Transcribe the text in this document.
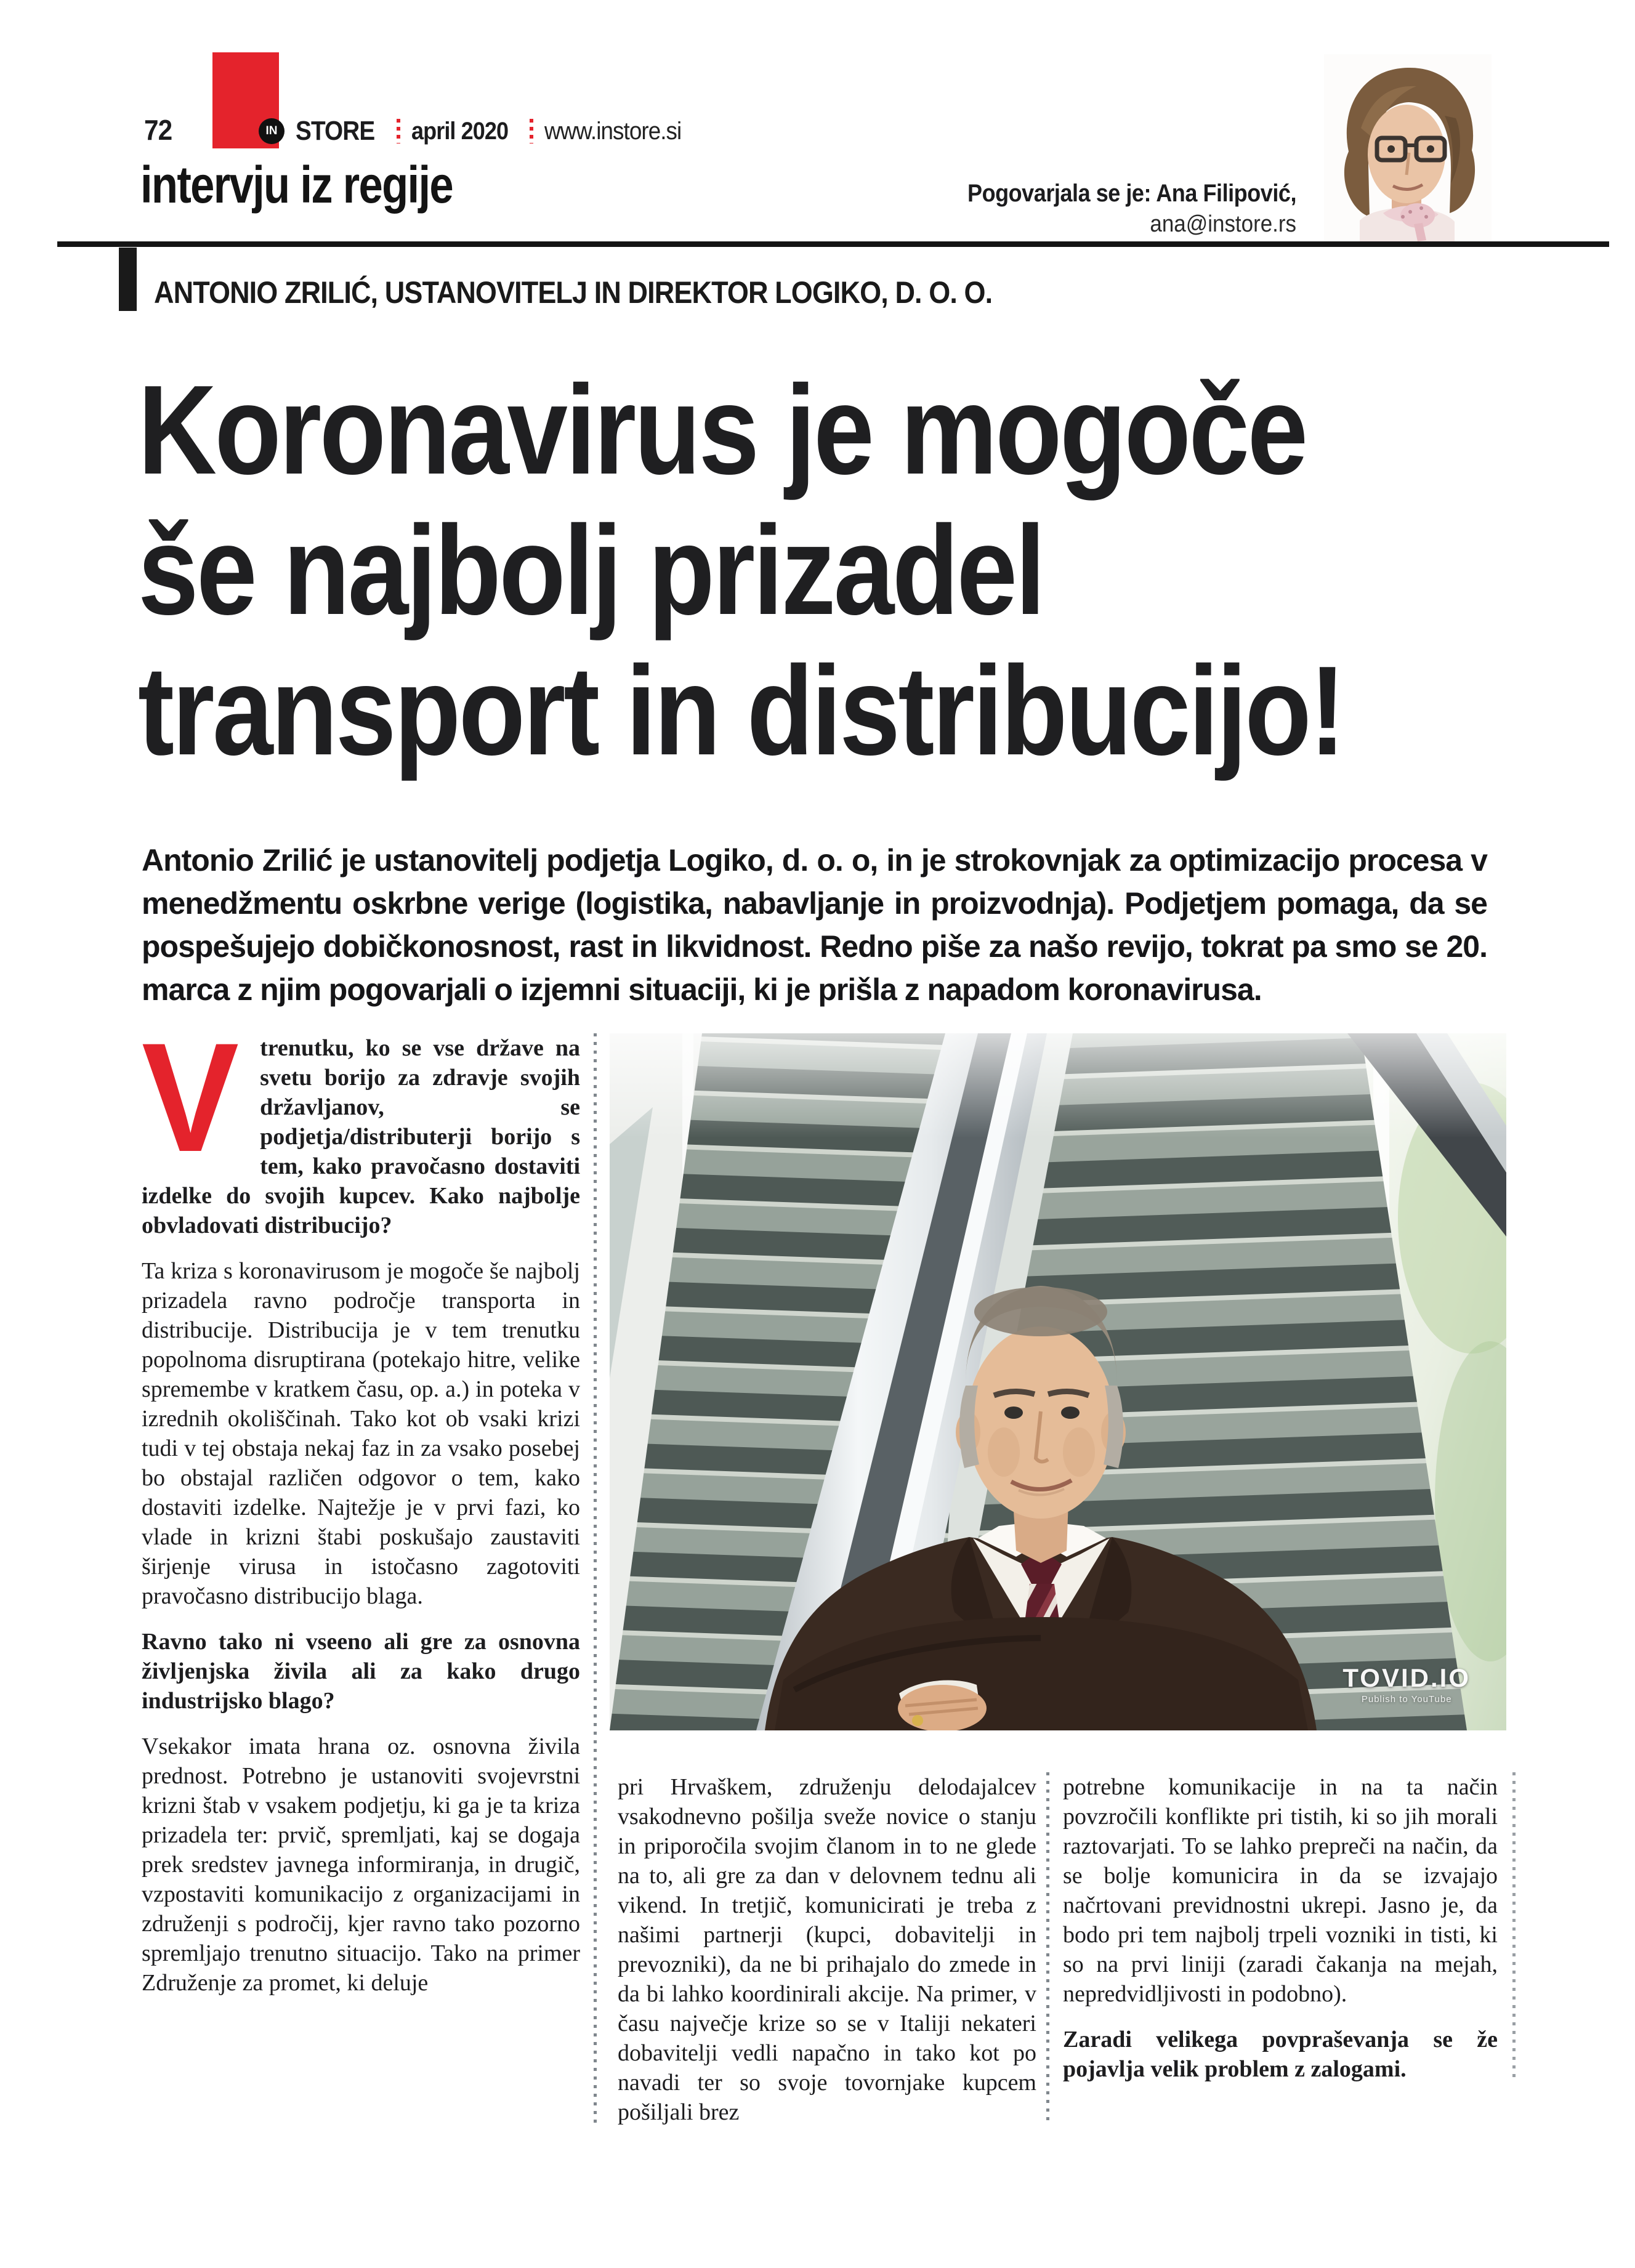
72	IN STORE april 2020 www.instore.si
intervju iz regije	Pogovarjala se je: Ana Filipović,
ana@instore.rs
ANTONIO ZRILIĆ, USTANOVITELJ IN DIREKTOR LOGIKO, D. O. O.
Koronavirus je mogoče
še najbolj prizadel
transport in distribucijo!

Antonio Zrilić je ustanovitelj podjetja Logiko, d. o. o, in je strokovnjak za optimizacijo procesa v menedžmentu oskrbne verige (logistika, nabavljanje in proizvodnja). Podjetjem pomaga, da se pospešujejo dobičkonosnost, rast in likvidnost. Redno piše za našo revijo, tokrat pa smo se 20. marca z njim pogovarjali o izjemni situaciji, ki je prišla z napadom koronavirusa.

Vtrenutku, ko se vse države na svetu borijo za zdravje svojih državljanov, se podjetja/distributerji borijo s tem, kako pravočasno dostaviti izdelke do svojih kupcev. Kako najbolje obvladovati distribucijo?

Ta kriza s koronavirusom je mogoče še najbolj prizadela ravno področje transporta in distribucije. Distribucija je v tem trenutku popolnoma disruptirana (potekajo hitre, velike spremembe v kratkem času, op. a.) in poteka v izrednih okoliščinah. Tako kot ob vsaki krizi tudi v tej obstaja nekaj faz in za vsako posebej bo obstajal različen odgovor o tem, kako dostaviti izdelke. Najtežje je v prvi fazi, ko vlade in krizni štabi poskušajo zaustaviti širjenje virusa in istočasno zagotoviti pravočasno distribucijo blaga.

Ravno tako ni vseeno ali gre za osnovna življenjska živila ali za kako drugo industrijsko blago?

Vsekakor imata hrana oz. osnovna živila prednost. Potrebno je ustanoviti svojevrstni krizni štab v vsakem podjetju, ki ga je ta kriza prizadela ter: prvič, spremljati, kaj se dogaja prek sredstev javnega informiranja, in drugič, vzpostaviti komunikacijo z organizacijami in združenji s področij, kjer ravno tako pozorno spremljajo trenutno situacijo. Tako na primer Združenje za promet, ki deluje

pri Hrvaškem, združenju delodajalcev vsakodnevno pošilja sveže novice o stanju in priporočila svojim članom in to ne glede na to, ali gre za dan v delovnem tednu ali vikend. In tretjič, komunicirati je treba z našimi partnerji (kupci, dobavitelji in prevozniki), da ne bi prihajalo do zmede in da bi lahko koordinirali akcije. Na primer, v času največje krize so se v Italiji nekateri dobavitelji vedli napačno in tako kot po navadi ter so svoje tovornjake kupcem pošiljali brez

potrebne komunikacije in na ta način povzročili konflikte pri tistih, ki so jih morali raztovarjati. To se lahko prepreči na način, da se bolje komunicira in da se izvajajo načrtovani previdnostni ukrepi. Jasno je, da bodo pri tem najbolj trpeli vozniki in tisti, ki so na prvi liniji (zaradi čakanja na mejah, nepredvidljivosti in podobno).

Zaradi velikega povpraševanja se že pojavlja velik problem z zalogami.

TOVID.IO
Publish to YouTube
